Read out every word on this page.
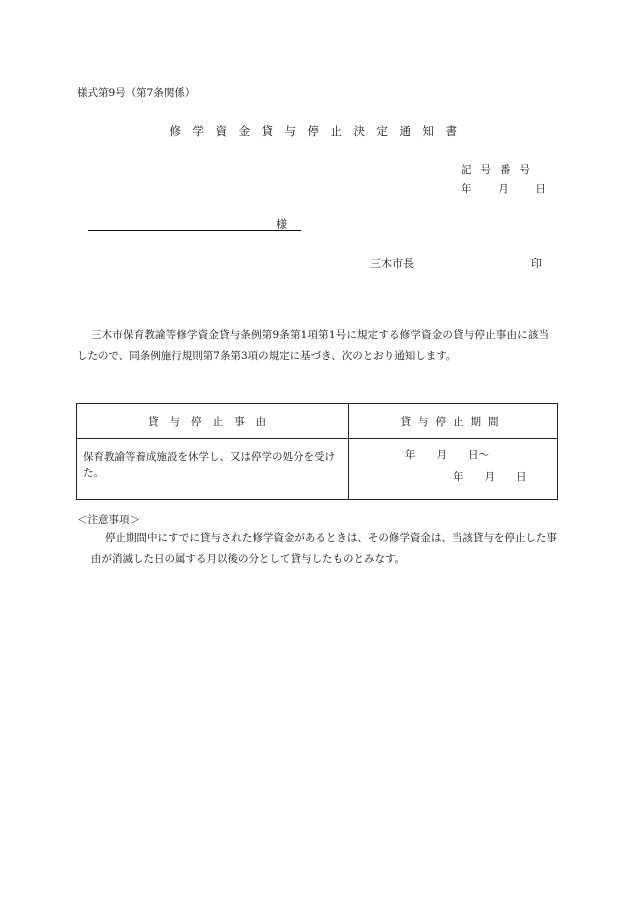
様式第9号（第7条関係）
修学資金貸与停止決定通知書
記号番号
年	月	日
様
三木市長	印
三木市保育教諭等修学資金貸与条例第9条第1項第1号に規定する修学資金の貸与停止事由に該当したので、同条例施行規則第7条第3項の規定に基づき、次のとおり通知します。
貸与停止事由	貸与停止期間
保育教諭等養成施設を休学し、又は停学の処分を受けた。	年　　月　　日～
年　　月　　日
＜注意事項＞
停止期間中にすでに貸与された修学資金があるときは、その修学資金は、当該貸与を停止した事由が消滅した日の属する月以後の分として貸与したものとみなす。
